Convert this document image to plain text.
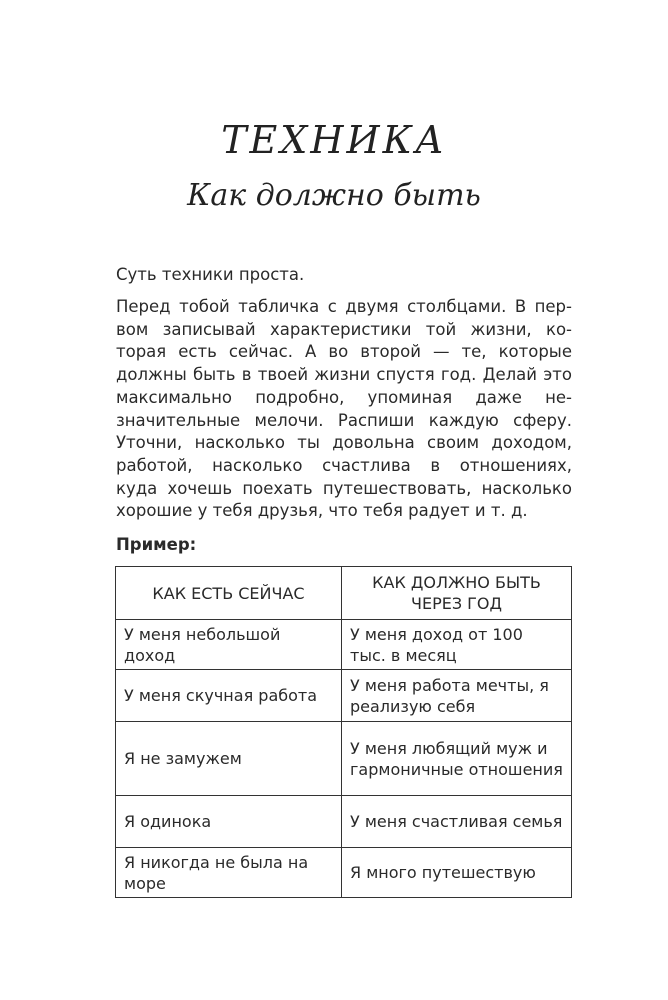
ТЕХНИКА
Как должно быть
Суть техники проста.
Перед тобой табличка с двумя столбцами. В пер-
вом записывай характеристики той жизни, ко-
торая есть сейчас. А во второй — те, которые
должны быть в твоей жизни спустя год. Делай это
максимально подробно, упоминая даже не-
значительные мелочи. Распиши каждую сферу.
Уточни, насколько ты довольна своим доходом,
работой, насколько счастлива в отношениях,
куда хочешь поехать путешествовать, насколько
хорошие у тебя друзья, что тебя радует и т. д.
Пример:
КАК ЕСТЬ СЕЙЧАС	КАК ДОЛЖНО БЫТЬ ЧЕРЕЗ ГОД
У меня небольшой доход	У меня доход от 100 тыс. в месяц
У меня скучная работа	У меня работа мечты, я реализую себя
Я не замужем	У меня любящий муж и гармоничные отношения
Я одинока	У меня счастливая семья
Я никогда не была на море	Я много путешествую
